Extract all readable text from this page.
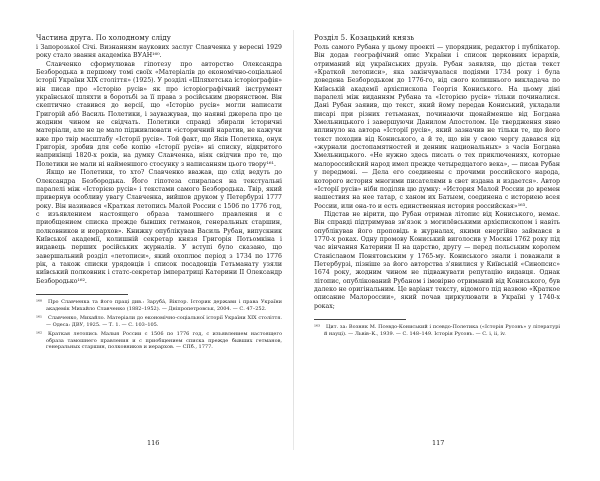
Частина друга. По холодному сліду

і Запорозької Січі. Визнанням наукових заслуг Славченка у вересні 1929 року стало звання академіка ВУАН¹⁶⁰.

Славченко сформулював гіпотезу про авторство Олександра Безбородька в першому томі своїх «Матеріалів до економічно-соціальної історії України XIX століття» (1925). У розділі «Шляхетська історіографія» він писав про «Історію русів» як про історіографічний інструмент української шляхти в боротьбі за її права з російським дворянством. Він скептично ставився до версії, що «Історію русів» могли написати Григорій абó Василь Полетики, і зауважував, що наявні джерела про це жодним чином не свідчать. Полетики справді збирали історичні матеріали, але не це мало підживлювати «історичний наратив, не кажучи вже про твір масштабу «Історії русів». Той факт, що Яків Полетика, онук Григорія, зробив для себе копію «Історії русів» ні списку, відкритого наприкінці 1820-х років, на думку Славченка, ніяк свідчив про те, що Полетики не мали ні найменшого стосунку з написанням цього твору¹⁶¹.

Якщо не Полетики, то хто? Славченко вважав, що слід ведуть до Олександра Безбородька. Його гіпотеза спиралася на текстуальні паралелі між «Історією русів» і текстами самого Безбородька. Твір, який привернув особливу увагу Славченка, вийшов друком у Петербурзі 1777 року. Він називався «Краткая летопись Малой России с 1506 по 1776 год, с изъявлением настоящего образа тамошнего правления и с приобщением списка прежде бывших гетманов, генеральных старшин, полковников и иерархов». Книжку опублікував Василь Рубан, випускник Київської академії, колишній секретар князя Григорія Потьомкіна і видавець перших російських журналів. У вступі було сказано, що завершальний розділ «летописи», який охоплює період з 1734 по 1776 рік, а також списки урядовців і список посадовців Гетьманату узяли київський полковник і статс-секретар імператриці Катерини II Олександр Безбородько¹⁶².

¹⁶⁰ Про Славченка та його праці див.: Зарубá, Віктор. Історик держави і права України академік Михайло Славченко (1882–1952). — Дніпропетровськ, 2004. — С. 47–252.

¹⁶¹ Славченко, Михайло. Матеріали до економічно-соціальної історії України XIX століття. — Одеса: ДВУ, 1925. — Т. 1. — С. 103–105.

¹⁶² Краткая летопись Малыя России с 1506 по 1776 год, с изъявлением настоящего образа тамошнего правления и с приобщением списка прежде бывших гетманов, генеральных старшин, полковников и иерархов. — СПб., 1777.

116
Розділ 5. Козацький князь

Роль самого Рубана у цьому проекті — упорядник, редактор і публікатор. Він додав географічний опис України і список церковних ієрархів, отриманий від українських друзів. Рубан заявляв, що дістав текст «Краткой летописи», яка закінчувалася подіями 1734 року і була доведена Безбородьком до 1776-го, від свого колишнього викладача по Київській академії архієпископа Георгія Кониського. На цьому діні паралелі між виданням Рубана та «Історією русів» тільки починалися. Дані Рубан заявив, що текст, який йому передав Кониський, укладали писарі при різних гетьманах, починаючи щонайменше від Богдана Хмельницького і завершуючи Данилом Апостолом. Це твердження явно вплинуло на автора «Історії русів», який зазначив не тільки те, що його текст походив від Кониського, а й те, що він у свою чергу давався від «журнали достопамятностей и денник национальных» з часів Богдана Хмельницького. «Не нужно здесь писать о тех приключениях, которые малороссийский народ имел прежде четыредцатого века», — писав Рубан у передмові. — Дела его соединены с прочими российского народа, которого история многими писателями в свет издана и издается». Автор «Історії русів» ніби поділяв цю думку: «История Малой России до времен нашествия на нее татар, с ханом их Батыем, соединена с историею всея России, или она-то и есть единственная история российская»¹⁶³.

Підстав не вірити, що Рубан отримав літопис від Кониського, немає. Він справді підтримував зв'язок з могилёвськими архієпископом і навіть опублікував його проповідь в журналах, якими енергійно займався в 1770-х роках. Одну промову Кониський виголосив у Москві 1762 року під час вінчання Катерини II на царство, другу — перед польським королем Станіславом Понятовським у 1765-му. Кониського знали і поважали в Петербурзі, пізніше за його авторства з'явилися у Київській «Синопсис» 1674 року, жодним чином не підважувати репутацію видавця. Однак літопис, опублікований Рубаном і імовірно отриманий від Кониського, був далеко не оригінальним. Це варіант тексту, відомого під назвою «Краткое описание Малороссии», який почав циркулювати в Україні у 1740-х роках;

¹⁶³ Цит. за: Возняк М. Псевдо-Кониський і псевдо-Полетика («Історія Русовъ» у літературі й науці). — Львів–К., 1939. — С. 148–149. Історія Русовъ. — С. і, іі, iv.

117
